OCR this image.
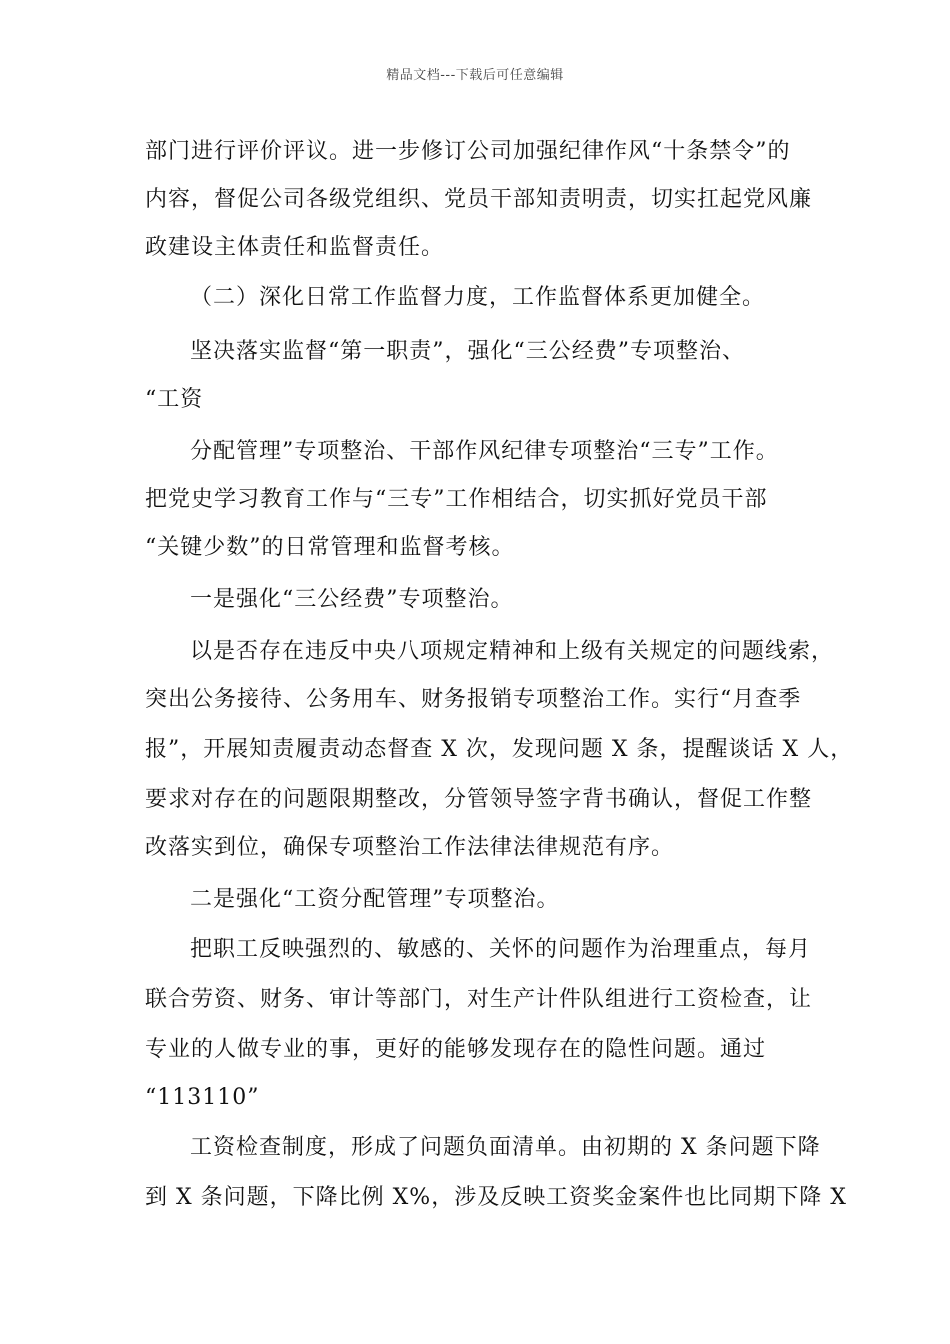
精品文档---下载后可任意编辑
部门进行评价评议。进一步修订公司加强纪律作风“十条禁令”的
内容，督促公司各级党组织、党员干部知责明责，切实扛起党风廉
政建设主体责任和监督责任。
（二）深化日常工作监督力度，工作监督体系更加健全。
坚决落实监督“第一职责”，强化“三公经费”专项整治、
“工资
分配管理”专项整治、干部作风纪律专项整治“三专”工作。
把党史学习教育工作与“三专”工作相结合，切实抓好党员干部
“关键少数”的日常管理和监督考核。
一是强化“三公经费”专项整治。
以是否存在违反中央八项规定精神和上级有关规定的问题线索，
突出公务接待、公务用车、财务报销专项整治工作。实行“月查季
报”，开展知责履责动态督查 X 次，发现问题 X 条，提醒谈话 X 人，
要求对存在的问题限期整改，分管领导签字背书确认，督促工作整
改落实到位，确保专项整治工作法律法律规范有序。
二是强化“工资分配管理”专项整治。
把职工反映强烈的、敏感的、关怀的问题作为治理重点，每月
联合劳资、财务、审计等部门，对生产计件队组进行工资检查，让
专业的人做专业的事，更好的能够发现存在的隐性问题。通过
“113110”
工资检查制度，形成了问题负面清单。由初期的 X 条问题下降
到 X 条问题，下降比例 X%，涉及反映工资奖金案件也比同期下降 X
